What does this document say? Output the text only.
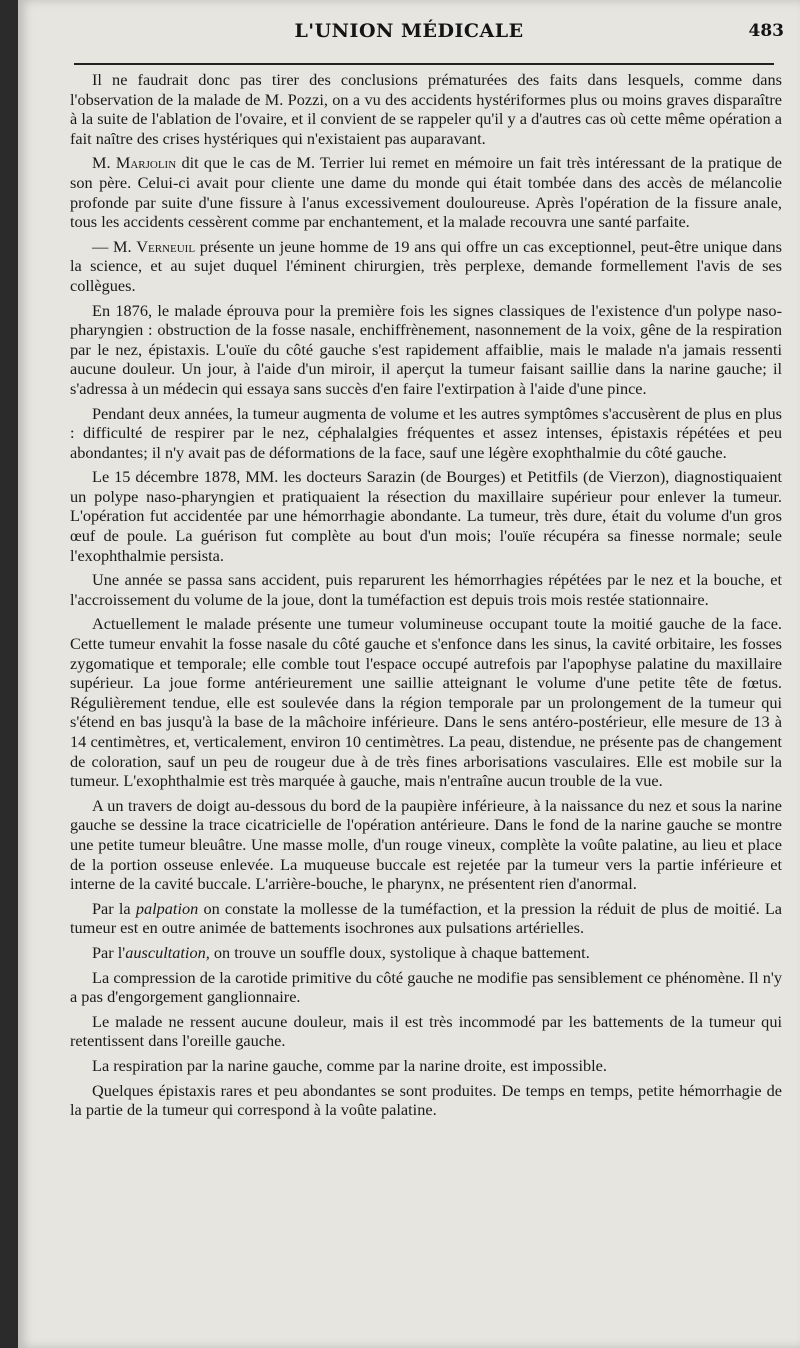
L'UNION MÉDICALE	483

Il ne faudrait donc pas tirer des conclusions prématurées des faits dans lesquels, comme dans l'observation de la malade de M. Pozzi, on a vu des accidents hystériformes plus ou moins graves disparaître à la suite de l'ablation de l'ovaire, et il convient de se rappeler qu'il y a d'autres cas où cette même opération a fait naître des crises hystériques qui n'existaient pas auparavant.

M. Marjolin dit que le cas de M. Terrier lui remet en mémoire un fait très intéressant de la pratique de son père. Celui-ci avait pour cliente une dame du monde qui était tombée dans des accès de mélancolie profonde par suite d'une fissure à l'anus excessivement douloureuse. Après l'opération de la fissure anale, tous les accidents cessèrent comme par enchantement, et la malade recouvra une santé parfaite.

— M. Verneuil présente un jeune homme de 19 ans qui offre un cas exceptionnel, peut-être unique dans la science, et au sujet duquel l'éminent chirurgien, très perplexe, demande formellement l'avis de ses collègues.

En 1876, le malade éprouva pour la première fois les signes classiques de l'existence d'un polype naso-pharyngien : obstruction de la fosse nasale, enchiffrènement, nasonnement de la voix, gêne de la respiration par le nez, épistaxis. L'ouïe du côté gauche s'est rapidement affaiblie, mais le malade n'a jamais ressenti aucune douleur. Un jour, à l'aide d'un miroir, il aperçut la tumeur faisant saillie dans la narine gauche; il s'adressa à un médecin qui essaya sans succès d'en faire l'extirpation à l'aide d'une pince.

Pendant deux années, la tumeur augmenta de volume et les autres symptômes s'accusèrent de plus en plus : difficulté de respirer par le nez, céphalalgies fréquentes et assez intenses, épistaxis répétées et peu abondantes; il n'y avait pas de déformations de la face, sauf une légère exophthalmie du côté gauche.

Le 15 décembre 1878, MM. les docteurs Sarazin (de Bourges) et Petitfils (de Vierzon), diagnostiquaient un polype naso-pharyngien et pratiquaient la résection du maxillaire supérieur pour enlever la tumeur. L'opération fut accidentée par une hémorrhagie abondante. La tumeur, très dure, était du volume d'un gros œuf de poule. La guérison fut complète au bout d'un mois; l'ouïe récupéra sa finesse normale; seule l'exophthalmie persista.

Une année se passa sans accident, puis reparurent les hémorrhagies répétées par le nez et la bouche, et l'accroissement du volume de la joue, dont la tuméfaction est depuis trois mois restée stationnaire.

Actuellement le malade présente une tumeur volumineuse occupant toute la moitié gauche de la face. Cette tumeur envahit la fosse nasale du côté gauche et s'enfonce dans les sinus, la cavité orbitaire, les fosses zygomatique et temporale; elle comble tout l'espace occupé autrefois par l'apophyse palatine du maxillaire supérieur. La joue forme antérieurement une saillie atteignant le volume d'une petite tête de fœtus. Régulièrement tendue, elle est soulevée dans la région temporale par un prolongement de la tumeur qui s'étend en bas jusqu'à la base de la mâchoire inférieure. Dans le sens antéro-postérieur, elle mesure de 13 à 14 centimètres, et, verticalement, environ 10 centimètres. La peau, distendue, ne présente pas de changement de coloration, sauf un peu de rougeur due à de très fines arborisations vasculaires. Elle est mobile sur la tumeur. L'exophthalmie est très marquée à gauche, mais n'entraîne aucun trouble de la vue.

A un travers de doigt au-dessous du bord de la paupière inférieure, à la naissance du nez et sous la narine gauche se dessine la trace cicatricielle de l'opération antérieure. Dans le fond de la narine gauche se montre une petite tumeur bleuâtre. Une masse molle, d'un rouge vineux, complète la voûte palatine, au lieu et place de la portion osseuse enlevée. La muqueuse buccale est rejetée par la tumeur vers la partie inférieure et interne de la cavité buccale. L'arrière-bouche, le pharynx, ne présentent rien d'anormal.

Par la palpation on constate la mollesse de la tuméfaction, et la pression la réduit de plus de moitié. La tumeur est en outre animée de battements isochrones aux pulsations artérielles.

Par l'auscultation, on trouve un souffle doux, systolique à chaque battement.

La compression de la carotide primitive du côté gauche ne modifie pas sensiblement ce phénomène. Il n'y a pas d'engorgement ganglionnaire.

Le malade ne ressent aucune douleur, mais il est très incommodé par les battements de la tumeur qui retentissent dans l'oreille gauche.

La respiration par la narine gauche, comme par la narine droite, est impossible.

Quelques épistaxis rares et peu abondantes se sont produites. De temps en temps, petite hémorrhagie de la partie de la tumeur qui correspond à la voûte palatine.
